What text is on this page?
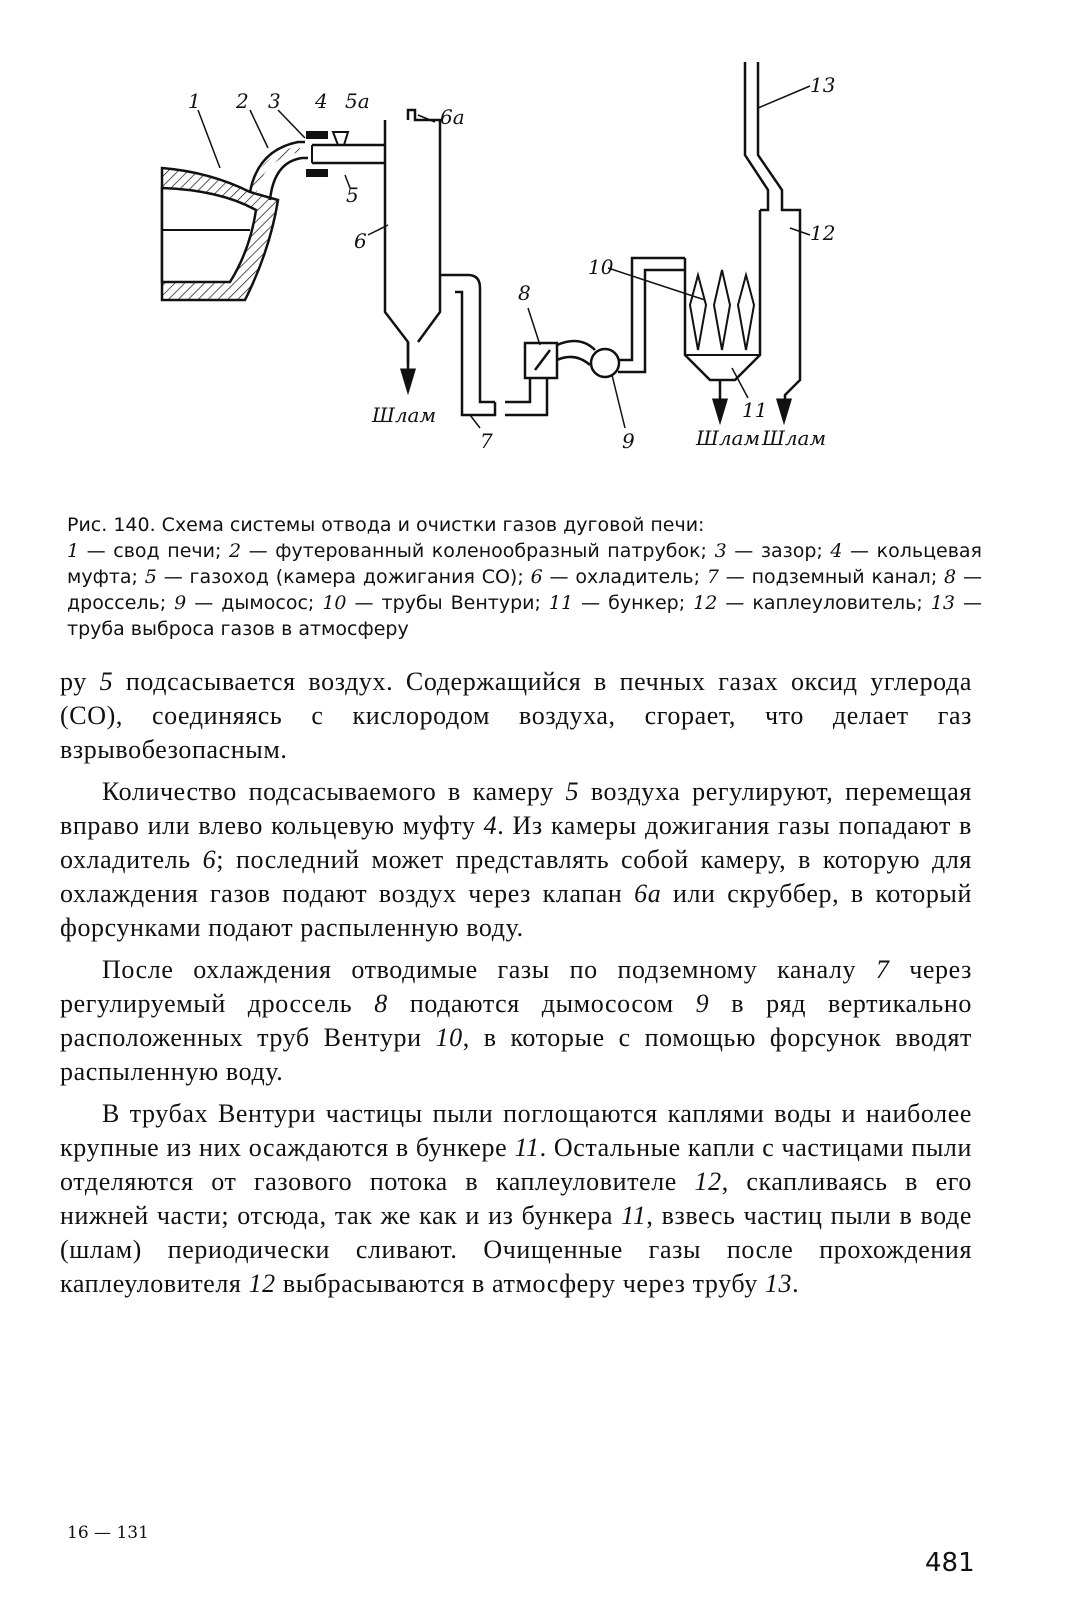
1 2 3 4 5а
6а
5
6
7
8
9
10
11
12
13
Шлам
Шлам Шлам

Рис. 140. Схема системы отвода и очистки газов дуговой печи:

1 — свод печи; 2 — футерованный коленообразный патрубок; 3 — зазор; 4 — кольцевая муфта; 5 — газоход (камера дожигания СО); 6 — охладитель; 7 — подземный канал; 8 — дроссель; 9 — дымосос; 10 — трубы Вентури; 11 — бункер; 12 — каплеуловитель; 13 — труба выброса газов в атмосферу

ру 5 подсасывается воздух. Содержащийся в печных газах оксид углерода (СО), соединяясь с кислородом воздуха, сгорает, что делает газ взрывобезопасным.

Количество подсасываемого в камеру 5 воздуха регулируют, перемещая вправо или влево кольцевую муфту 4. Из камеры дожигания газы попадают в охладитель 6; последний может представлять собой камеру, в которую для охлаждения газов подают воздух через клапан 6а или скруббер, в который форсунками подают распыленную воду.

После охлаждения отводимые газы по подземному каналу 7 через регулируемый дроссель 8 подаются дымососом 9 в ряд вертикально расположенных труб Вентури 10, в которые с помощью форсунок вводят распыленную воду.

В трубах Вентури частицы пыли поглощаются каплями воды и наиболее крупные из них осаждаются в бункере 11. Остальные капли с частицами пыли отделяются от газового потока в каплеуловителе 12, скапливаясь в его нижней части; отсюда, так же как и из бункера 11, взвесь частиц пыли в воде (шлам) периодически сливают. Очищенные газы после прохождения каплеуловителя 12 выбрасываются в атмосферу через трубу 13.

16 — 131
481
